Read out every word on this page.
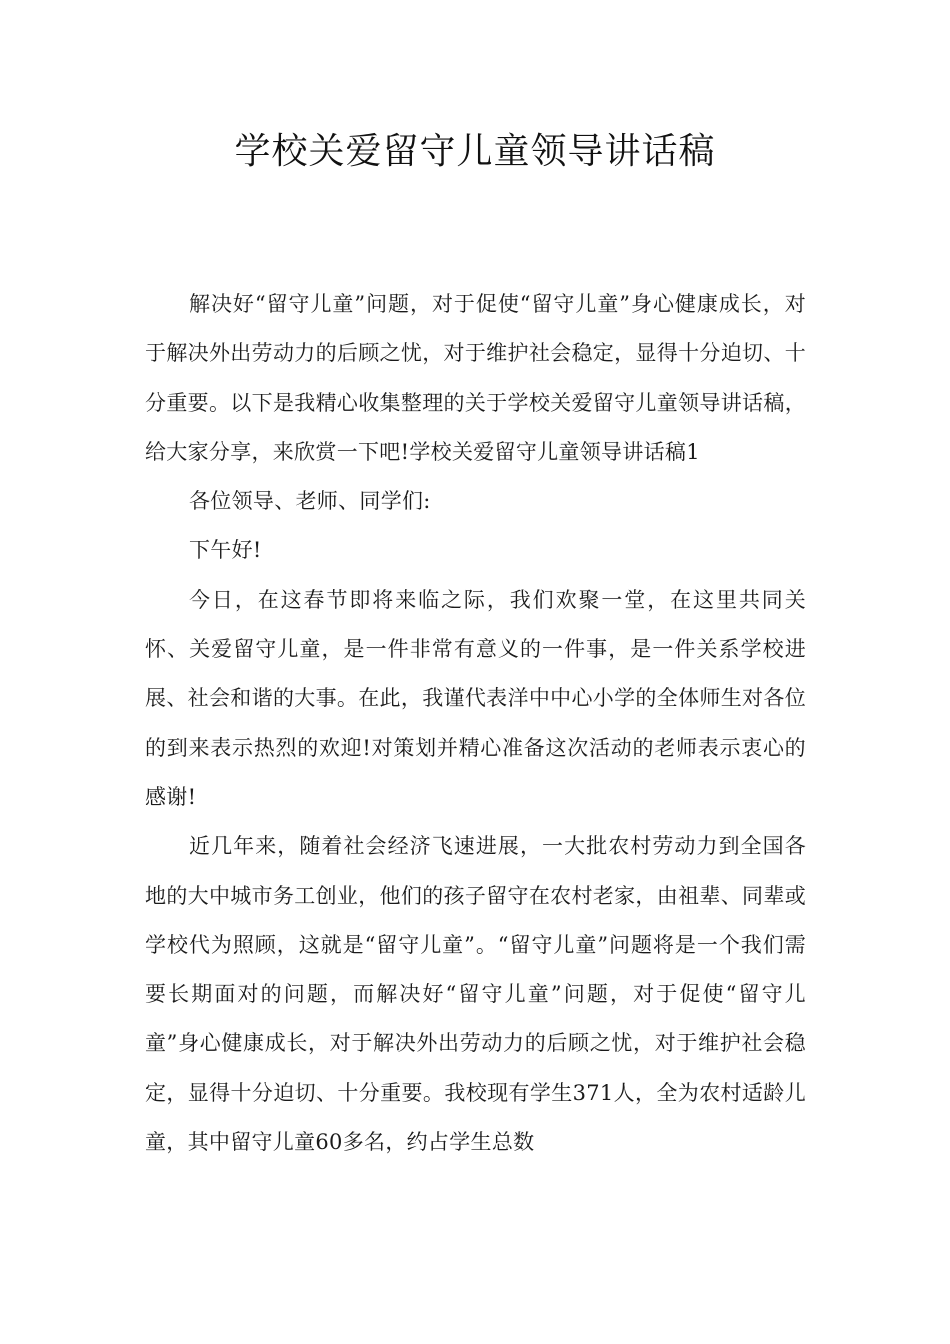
学校关爱留守儿童领导讲话稿

解决好“留守儿童”问题，对于促使“留守儿童”身心健康成长，对于解决外出劳动力的后顾之忧，对于维护社会稳定，显得十分迫切、十分重要。以下是我精心收集整理的关于学校关爱留守儿童领导讲话稿，给大家分享，来欣赏一下吧!学校关爱留守儿童领导讲话稿1

各位领导、老师、同学们:

下午好!

今日，在这春节即将来临之际，我们欢聚一堂，在这里共同关怀、关爱留守儿童，是一件非常有意义的一件事，是一件关系学校进展、社会和谐的大事。在此，我谨代表洋中中心小学的全体师生对各位的到来表示热烈的欢迎!对策划并精心准备这次活动的老师表示衷心的感谢!

近几年来，随着社会经济飞速进展，一大批农村劳动力到全国各地的大中城市务工创业，他们的孩子留守在农村老家，由祖辈、同辈或学校代为照顾，这就是“留守儿童”。“留守儿童”问题将是一个我们需要长期面对的问题，而解决好“留守儿童”问题，对于促使“留守儿童”身心健康成长，对于解决外出劳动力的后顾之忧，对于维护社会稳定，显得十分迫切、十分重要。我校现有学生371人，全为农村适龄儿童，其中留守儿童60多名，约占学生总数
